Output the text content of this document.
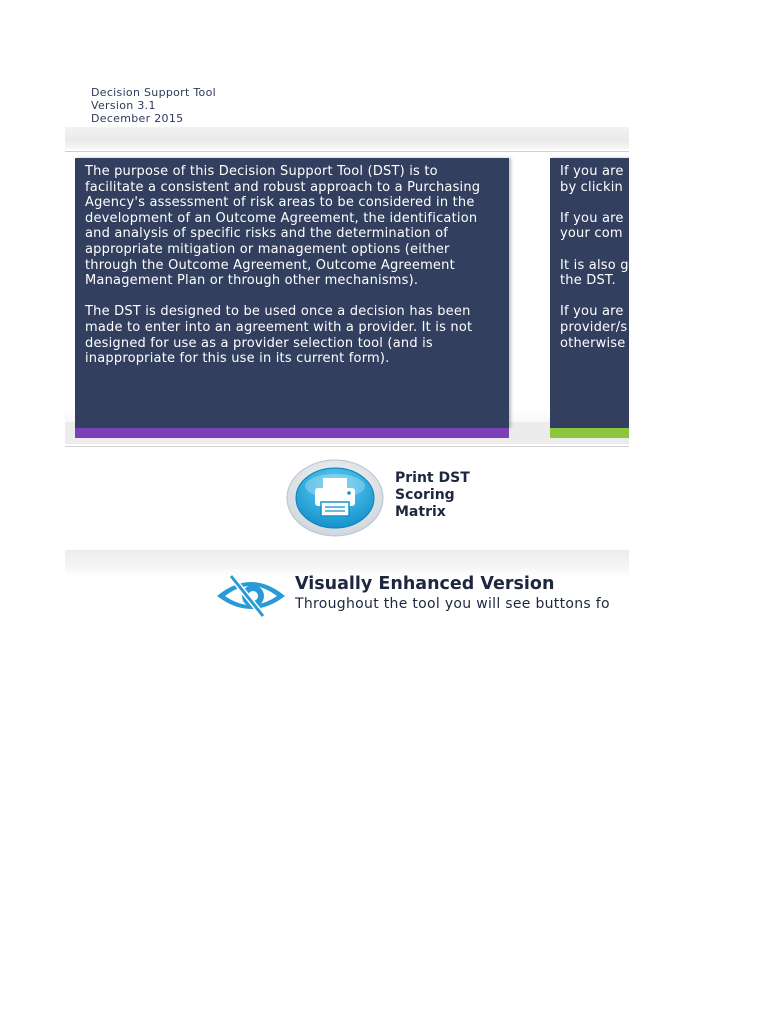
Decision Support Tool
Version 3.1
December 2015

The purpose of this Decision Support Tool (DST) is to facilitate a consistent and robust approach to a Purchasing Agency's assessment of risk areas to be considered in the development of an Outcome Agreement, the identification and analysis of specific risks and the determination of appropriate mitigation or management options (either through the Outcome Agreement, Outcome Agreement Management Plan or through other mechanisms).

The DST is designed to be used once a decision has been made to enter into an agreement with a provider. It is not designed for use as a provider selection tool (and is inappropriate for this use in its current form).

If you are
by clickin
If you are
your com
It is also g
the DST.
If you are
provider/s
otherwise
Print DST
Scoring
Matrix
Visually Enhanced Version
Throughout the tool you will see buttons fo
